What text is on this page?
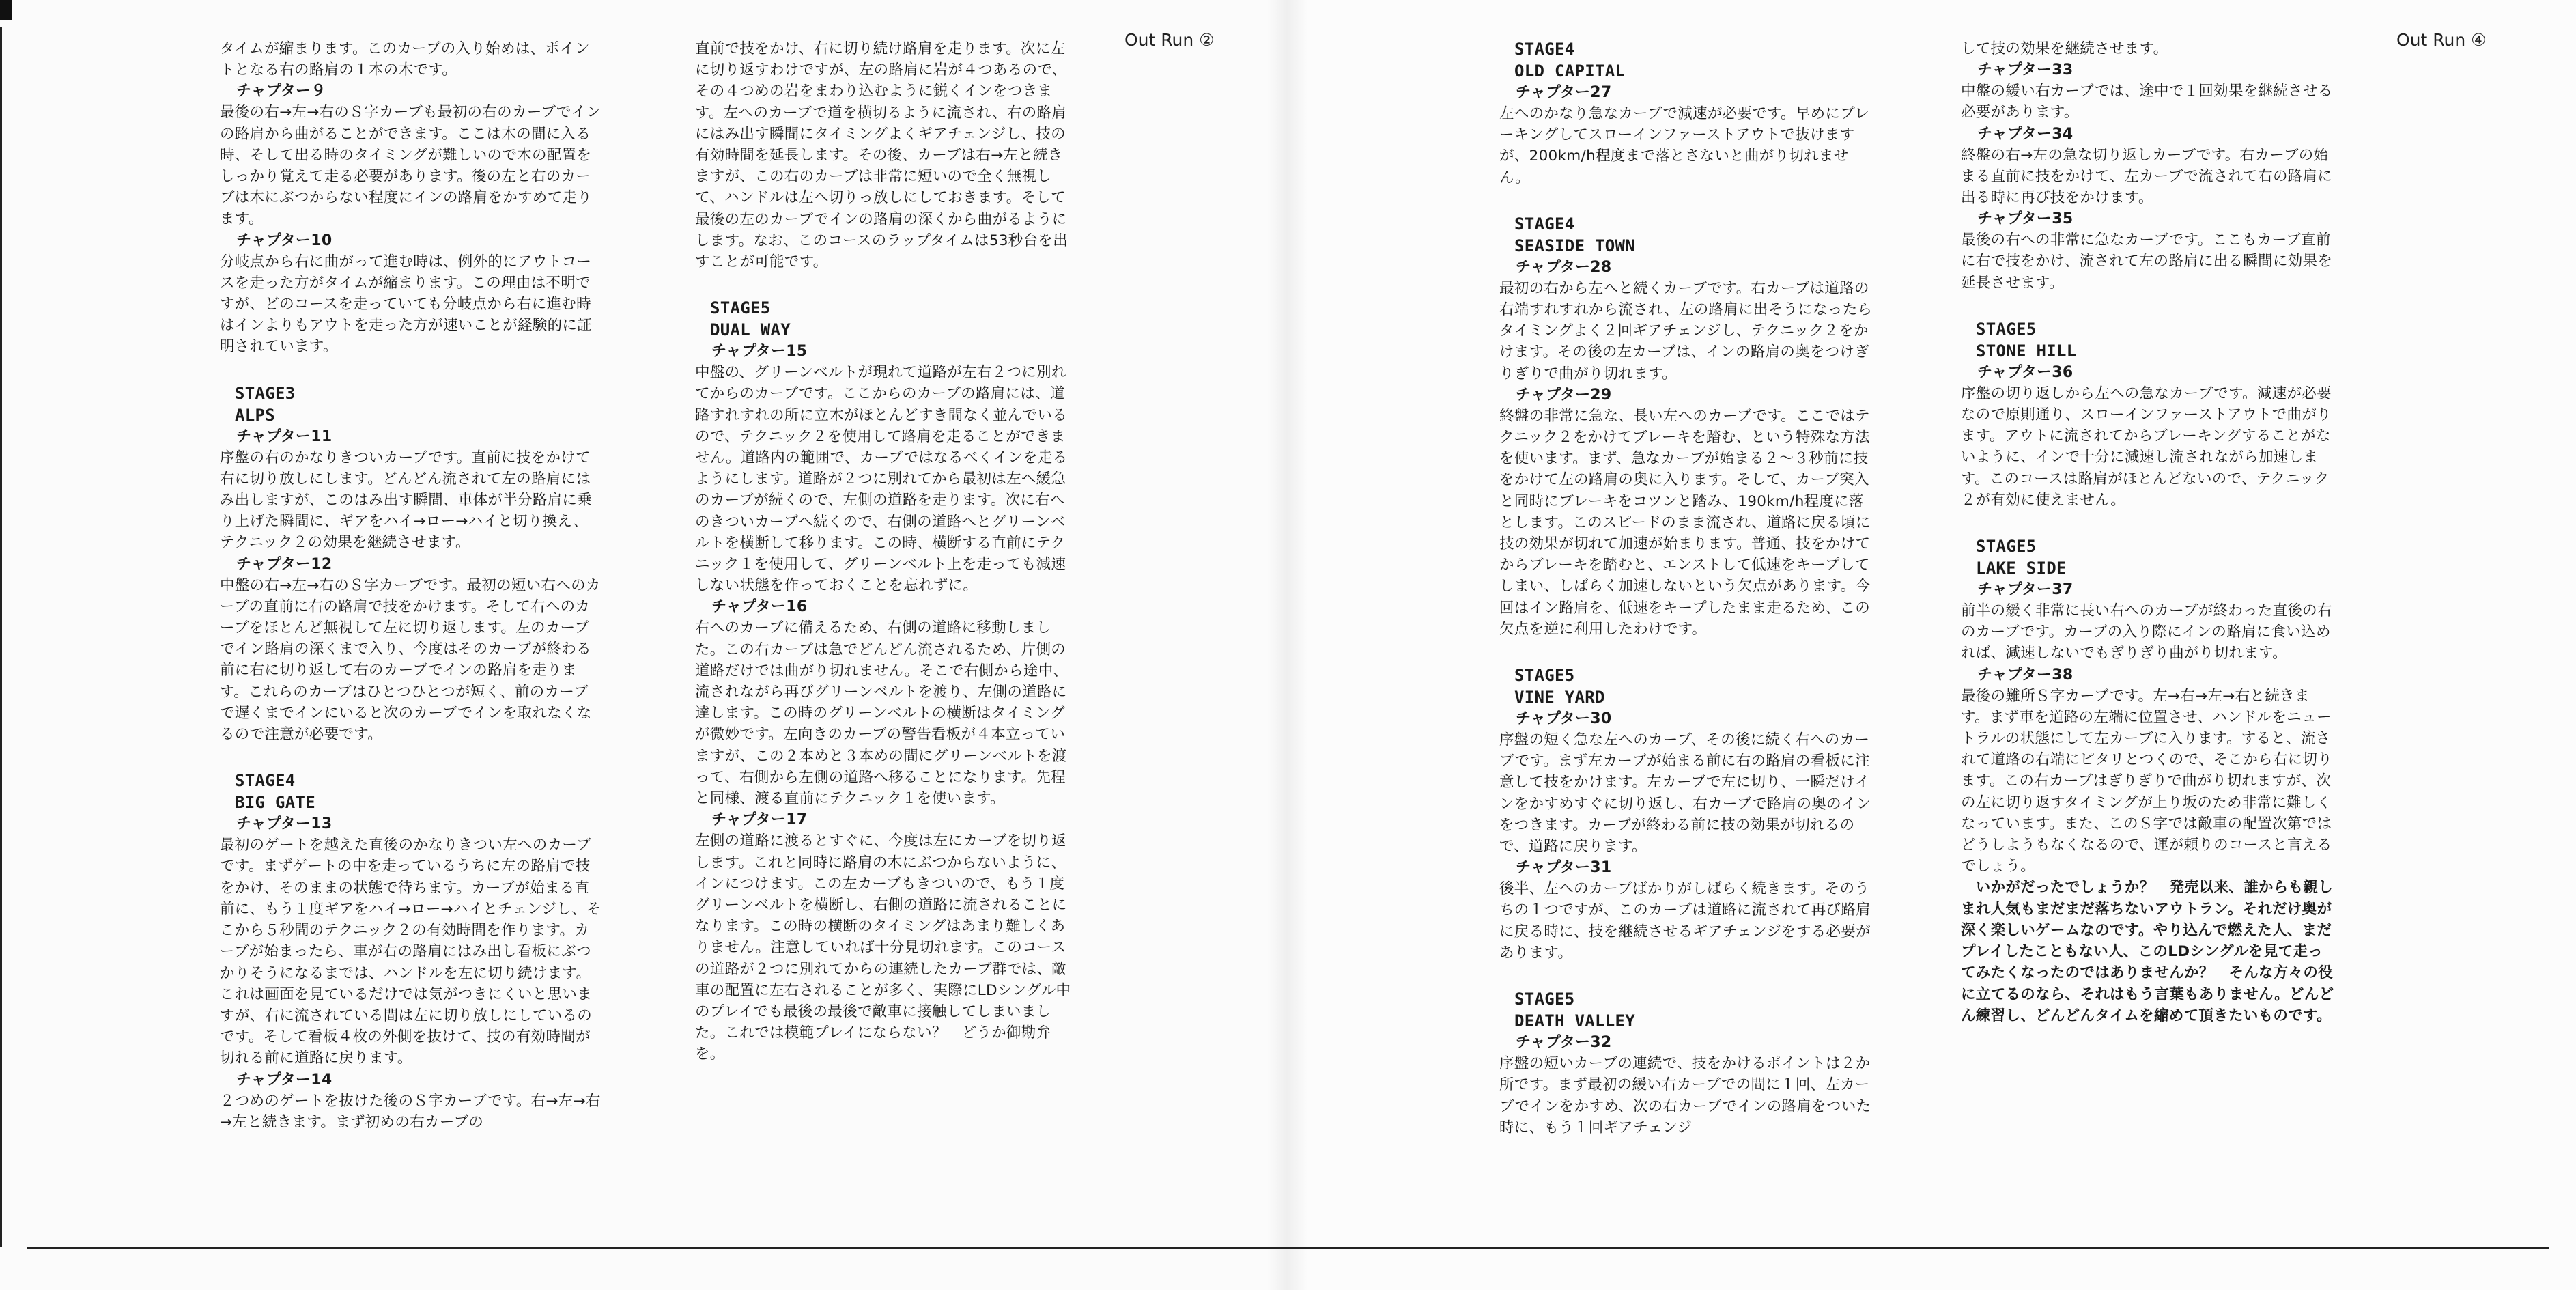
Out Run ②	Out Run ④

タイムが縮まります。このカーブの入り始めは、ポイントとなる右の路肩の１本の木です。

チャプター９

最後の右→左→右のＳ字カーブも最初の右のカーブでインの路肩から曲がることができます。ここは木の間に入る時、そして出る時のタイミングが難しいので木の配置をしっかり覚えて走る必要があります。後の左と右のカーブは木にぶつからない程度にインの路肩をかすめて走ります。

チャプター10

分岐点から右に曲がって進む時は、例外的にアウトコースを走った方がタイムが縮まります。この理由は不明ですが、どのコースを走っていても分岐点から右に進む時はインよりもアウトを走った方が速いことが経験的に証明されています。

STAGE3

ALPS

チャプター11

序盤の右のかなりきついカーブです。直前に技をかけて右に切り放しにします。どんどん流されて左の路肩にはみ出しますが、このはみ出す瞬間、車体が半分路肩に乗り上げた瞬間に、ギアをハイ→ロー→ハイと切り換え、テクニック２の効果を継続させます。

チャプター12

中盤の右→左→右のＳ字カーブです。最初の短い右へのカーブの直前に右の路肩で技をかけます。そして右へのカーブをほとんど無視して左に切り返します。左のカーブでイン路肩の深くまで入り、今度はそのカーブが終わる前に右に切り返して右のカーブでインの路肩を走ります。これらのカーブはひとつひとつが短く、前のカーブで遅くまでインにいると次のカーブでインを取れなくなるので注意が必要です。

STAGE4

BIG GATE

チャプター13

最初のゲートを越えた直後のかなりきつい左へのカーブです。まずゲートの中を走っているうちに左の路肩で技をかけ、そのままの状態で待ちます。カーブが始まる直前に、もう１度ギアをハイ→ロー→ハイとチェンジし、そこから５秒間のテクニック２の有効時間を作ります。カーブが始まったら、車が右の路肩にはみ出し看板にぶつかりそうになるまでは、ハンドルを左に切り続けます。これは画面を見ているだけでは気がつきにくいと思いますが、右に流されている間は左に切り放しにしているのです。そして看板４枚の外側を抜けて、技の有効時間が切れる前に道路に戻ります。

チャプター14

２つめのゲートを抜けた後のＳ字カーブです。右→左→右→左と続きます。まず初めの右カーブの

直前で技をかけ、右に切り続け路肩を走ります。次に左に切り返すわけですが、左の路肩に岩が４つあるので、その４つめの岩をまわり込むように鋭くインをつきます。左へのカーブで道を横切るように流され、右の路肩にはみ出す瞬間にタイミングよくギアチェンジし、技の有効時間を延長します。その後、カーブは右→左と続きますが、この右のカーブは非常に短いので全く無視して、ハンドルは左へ切りっ放しにしておきます。そして最後の左のカーブでインの路肩の深くから曲がるようにします。なお、このコースのラップタイムは53秒台を出すことが可能です。

STAGE5

DUAL WAY

チャプター15

中盤の、グリーンベルトが現れて道路が左右２つに別れてからのカーブです。ここからのカーブの路肩には、道路すれすれの所に立木がほとんどすき間なく並んでいるので、テクニック２を使用して路肩を走ることができません。道路内の範囲で、カーブではなるべくインを走るようにします。道路が２つに別れてから最初は左へ緩急のカーブが続くので、左側の道路を走ります。次に右へのきついカーブへ続くので、右側の道路へとグリーンベルトを横断して移ります。この時、横断する直前にテクニック１を使用して、グリーンベルト上を走っても減速しない状態を作っておくことを忘れずに。

チャプター16

右へのカーブに備えるため、右側の道路に移動しました。この右カーブは急でどんどん流されるため、片側の道路だけでは曲がり切れません。そこで右側から途中、流されながら再びグリーンベルトを渡り、左側の道路に達します。この時のグリーンベルトの横断はタイミングが微妙です。左向きのカーブの警告看板が４本立っていますが、この２本めと３本めの間にグリーンベルトを渡って、右側から左側の道路へ移ることになります。先程と同様、渡る直前にテクニック１を使います。

チャプター17

左側の道路に渡るとすぐに、今度は左にカーブを切り返します。これと同時に路肩の木にぶつからないように、インにつけます。この左カーブもきついので、もう１度グリーンベルトを横断し、右側の道路に流されることになります。この時の横断のタイミングはあまり難しくありません。注意していれば十分見切れます。このコースの道路が２つに別れてからの連続したカーブ群では、敵車の配置に左右されることが多く、実際にLDシングル中のプレイでも最後の最後で敵車に接触してしまいました。これでは模範プレイにならない？　どうか御勘弁を。

STAGE4

OLD CAPITAL

チャプター27

左へのかなり急なカーブで減速が必要です。早めにブレーキングしてスローインファーストアウトで抜けますが、200km/h程度まで落とさないと曲がり切れません。

STAGE4

SEASIDE TOWN

チャプター28

最初の右から左へと続くカーブです。右カーブは道路の右端すれすれから流され、左の路肩に出そうになったらタイミングよく２回ギアチェンジし、テクニック２をかけます。その後の左カーブは、インの路肩の奥をつけぎりぎりで曲がり切れます。

チャプター29

終盤の非常に急な、長い左へのカーブです。ここではテクニック２をかけてブレーキを踏む、という特殊な方法を使います。まず、急なカーブが始まる２～３秒前に技をかけて左の路肩の奥に入ります。そして、カーブ突入と同時にブレーキをコツンと踏み、190km/h程度に落とします。このスピードのまま流され、道路に戻る頃に技の効果が切れて加速が始まります。普通、技をかけてからブレーキを踏むと、エンストして低速をキープしてしまい、しばらく加速しないという欠点があります。今回はイン路肩を、低速をキープしたまま走るため、この欠点を逆に利用したわけです。

STAGE5

VINE YARD

チャプター30

序盤の短く急な左へのカーブ、その後に続く右へのカーブです。まず左カーブが始まる前に右の路肩の看板に注意して技をかけます。左カーブで左に切り、一瞬だけインをかすめすぐに切り返し、右カーブで路肩の奥のインをつきます。カーブが終わる前に技の効果が切れるので、道路に戻ります。

チャプター31

後半、左へのカーブばかりがしばらく続きます。そのうちの１つですが、このカーブは道路に流されて再び路肩に戻る時に、技を継続させるギアチェンジをする必要があります。

STAGE5

DEATH VALLEY

チャプター32

序盤の短いカーブの連続で、技をかけるポイントは２か所です。まず最初の緩い右カーブでの間に１回、左カーブでインをかすめ、次の右カーブでインの路肩をついた時に、もう１回ギアチェンジ

して技の効果を継続させます。

チャプター33

中盤の緩い右カーブでは、途中で１回効果を継続させる必要があります。

チャプター34

終盤の右→左の急な切り返しカーブです。右カーブの始まる直前に技をかけて、左カーブで流されて右の路肩に出る時に再び技をかけます。

チャプター35

最後の右への非常に急なカーブです。ここもカーブ直前に右で技をかけ、流されて左の路肩に出る瞬間に効果を延長させます。

STAGE5

STONE HILL

チャプター36

序盤の切り返しから左への急なカーブです。減速が必要なので原則通り、スローインファーストアウトで曲がります。アウトに流されてからブレーキングすることがないように、インで十分に減速し流されながら加速します。このコースは路肩がほとんどないので、テクニック２が有効に使えません。

STAGE5

LAKE SIDE

チャプター37

前半の緩く非常に長い右へのカーブが終わった直後の右のカーブです。カーブの入り際にインの路肩に食い込めれば、減速しないでもぎりぎり曲がり切れます。

チャプター38

最後の難所Ｓ字カーブです。左→右→左→右と続きます。まず車を道路の左端に位置させ、ハンドルをニュートラルの状態にして左カーブに入ります。すると、流されて道路の右端にピタリとつくので、そこから右に切ります。この右カーブはぎりぎりで曲がり切れますが、次の左に切り返すタイミングが上り坂のため非常に難しくなっています。また、このＳ字では敵車の配置次第ではどうしようもなくなるので、運が頼りのコースと言えるでしょう。

　いかがだったでしょうか？　発売以来、誰からも親しまれ人気もまだまだ落ちないアウトラン。それだけ奥が深く楽しいゲームなのです。やり込んで燃えた人、まだプレイしたこともない人、このLDシングルを見て走ってみたくなったのではありませんか？　そんな方々の役に立てるのなら、それはもう言葉もありません。どんどん練習し、どんどんタイムを縮めて頂きたいものです。
